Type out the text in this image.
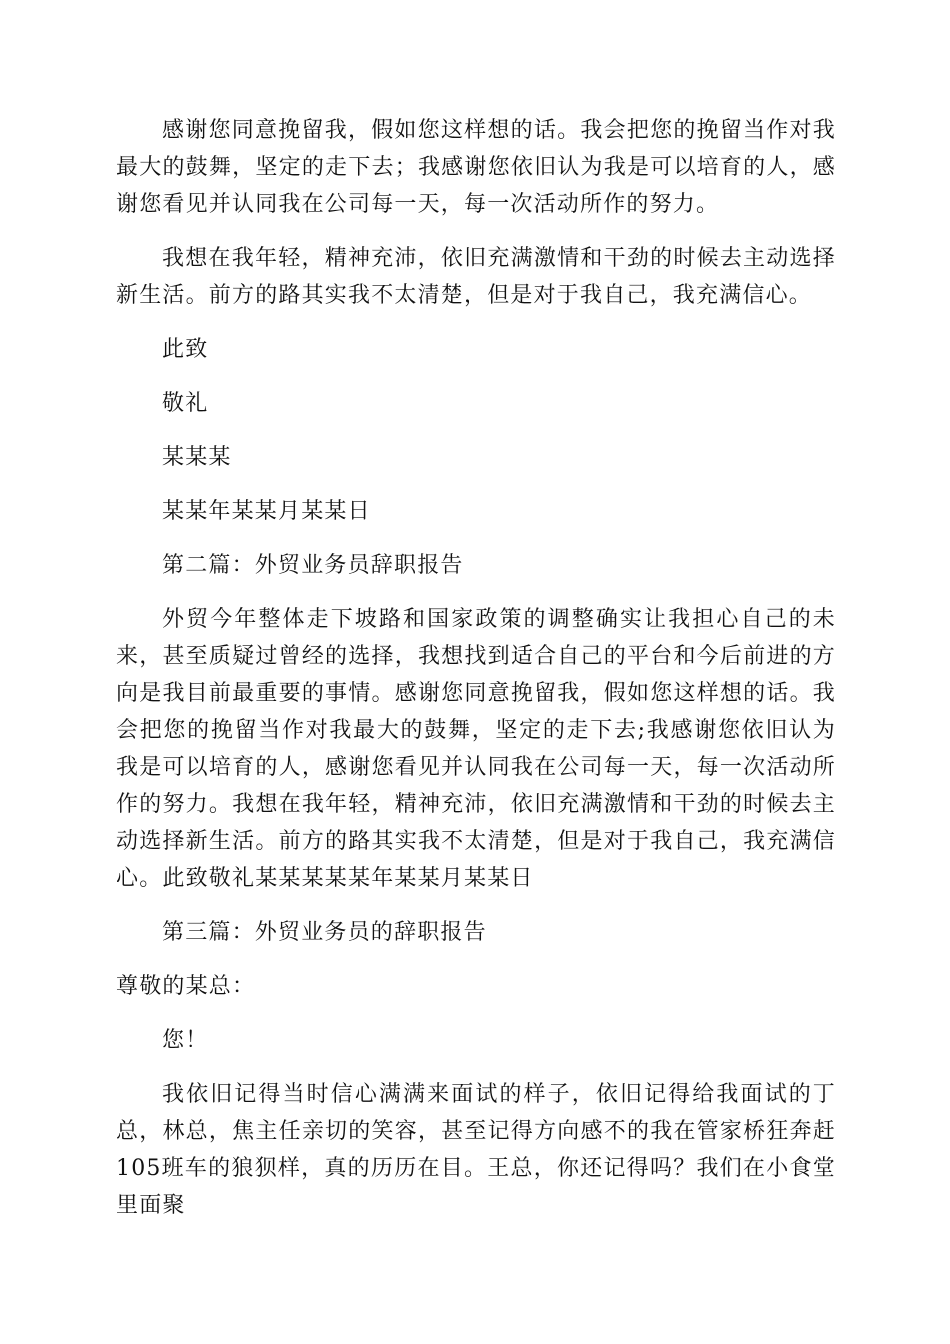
感谢您同意挽留我，假如您这样想的话。我会把您的挽留当作对我最大的鼓舞，坚定的走下去；我感谢您依旧认为我是可以培育的人，感谢您看见并认同我在公司每一天，每一次活动所作的努力。

我想在我年轻，精神充沛，依旧充满激情和干劲的时候去主动选择新生活。前方的路其实我不太清楚，但是对于我自己，我充满信心。

此致

敬礼

某某某

某某年某某月某某日

第二篇：外贸业务员辞职报告

外贸今年整体走下坡路和国家政策的调整确实让我担心自己的未来，甚至质疑过曾经的选择，我想找到适合自己的平台和今后前进的方向是我目前最重要的事情。感谢您同意挽留我，假如您这样想的话。我会把您的挽留当作对我最大的鼓舞，坚定的走下去;我感谢您依旧认为我是可以培育的人，感谢您看见并认同我在公司每一天，每一次活动所作的努力。我想在我年轻，精神充沛，依旧充满激情和干劲的时候去主动选择新生活。前方的路其实我不太清楚，但是对于我自己，我充满信心。此致敬礼某某某某某年某某月某某日

第三篇：外贸业务员的辞职报告

尊敬的某总：

您！

我依旧记得当时信心满满来面试的样子，依旧记得给我面试的丁总，林总，焦主任亲切的笑容，甚至记得方向感不的我在管家桥狂奔赶105班车的狼狈样，真的历历在目。王总，你还记得吗？我们在小食堂里面聚
